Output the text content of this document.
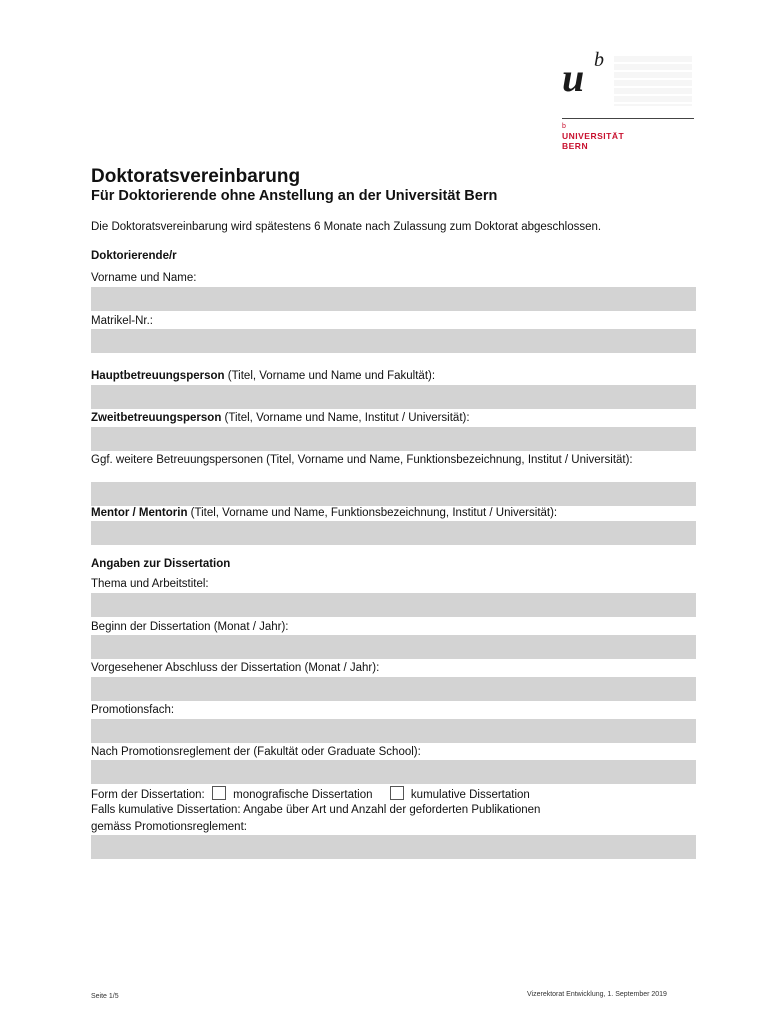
u b
b
UNIVERSITÄT
BERN
Doktoratsvereinbarung
Für Doktorierende ohne Anstellung an der Universität Bern
Die Doktoratsvereinbarung wird spätestens 6 Monate nach Zulassung zum Doktorat abgeschlossen.
Doktorierende/r
Vorname und Name:
Matrikel-Nr.:
Hauptbetreuungsperson (Titel, Vorname und Name und Fakultät):
Zweitbetreuungsperson (Titel, Vorname und Name, Institut / Universität):
Ggf. weitere Betreuungspersonen (Titel, Vorname und Name, Funktionsbezeichnung, Institut / Universität):
Mentor / Mentorin (Titel, Vorname und Name, Funktionsbezeichnung, Institut / Universität):
Angaben zur Dissertation
Thema und Arbeitstitel:
Beginn der Dissertation (Monat / Jahr):
Vorgesehener Abschluss der Dissertation (Monat / Jahr):
Promotionsfach:
Nach Promotionsreglement der (Fakultät oder Graduate School):
Form der Dissertation: monografische Dissertation	kumulative Dissertation
Falls kumulative Dissertation: Angabe über Art und Anzahl der geforderten Publikationen
gemäss Promotionsreglement:
Seite 1/5	Vizerektorat Entwicklung, 1. September 2019
